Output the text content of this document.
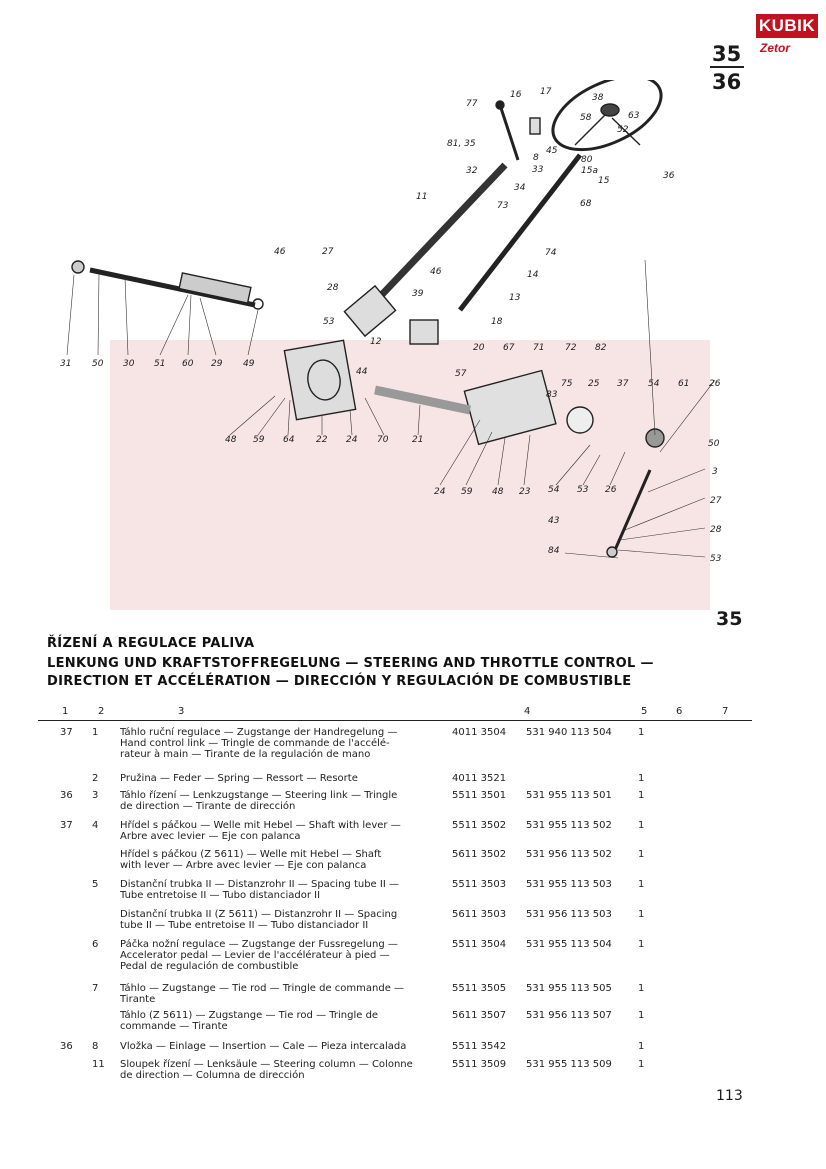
KUBIK
Zetor
35
36
77
16 17
38
63
58
52
81, 35
8
45
80
33
32
34
15a
15
73
36
11
68
46	27	74
14
46
39	13
28
53
12
18
20 67 71 72 82
44	57
83
75 25 37 54 61 26
31 50 30 51 60 29 49
48 59 64 22 24 70	21
24 59 48 23 54 53 26
50
3
27
43
28
84
53
35
ŘÍZENÍ A REGULACE PALIVA
LENKUNG UND KRAFTSTOFFREGELUNG — STEERING AND THROTTLE CONTROL —
DIRECTION ET ACCÉLÉRATION — DIRECCIÓN Y REGULACIÓN DE COMBUSTIBLE
1	2	3	4	5	6	7
37	1	Táhlo ruční regulace — Zugstange der Handregelung —
Hand control link — Tringle de commande de l'accélé-
rateur à main — Tirante de la regulación de mano
4011 3504	531 940 113 504	1
2	Pružina — Feder — Spring — Ressort — Resorte	4011 3521	1
36	3	Táhlo řízení — Lenkzugstange — Steering link — Tringle
de direction — Tirante de dirección
5511 3501	531 955 113 501	1
37	4	Hřídel s páčkou — Welle mit Hebel — Shaft with lever —
Arbre avec levier — Eje con palanca
5511 3502	531 955 113 502	1
Hřídel s páčkou (Z 5611) — Welle mit Hebel — Shaft
with lever — Arbre avec levier — Eje con palanca
5611 3502	531 956 113 502	1
5	Distanční trubka II — Distanzrohr II — Spacing tube II —
Tube entretoise II — Tubo distanciador II
5511 3503	531 955 113 503	1
Distanční trubka II (Z 5611) — Distanzrohr II — Spacing
tube II — Tube entretoise II — Tubo distanciador II
5611 3503	531 956 113 503	1
6	Páčka nožní regulace — Zugstange der Fussregelung —
Accelerator pedal — Levier de l'accélérateur à pied —
Pedal de regulación de combustible
5511 3504	531 955 113 504	1
7	Táhlo — Zugstange — Tie rod — Tringle de commande —
Tirante
5511 3505	531 955 113 505	1
Táhlo (Z 5611) — Zugstange — Tie rod — Tringle de
commande — Tirante
5611 3507	531 956 113 507	1
36	8	Vložka — Einlage — Insertion — Cale — Pieza intercalada	5511 3542	1
11	Sloupek řízení — Lenksäule — Steering column — Colonne
de direction — Columna de dirección
5511 3509	531 955 113 509	1
113
